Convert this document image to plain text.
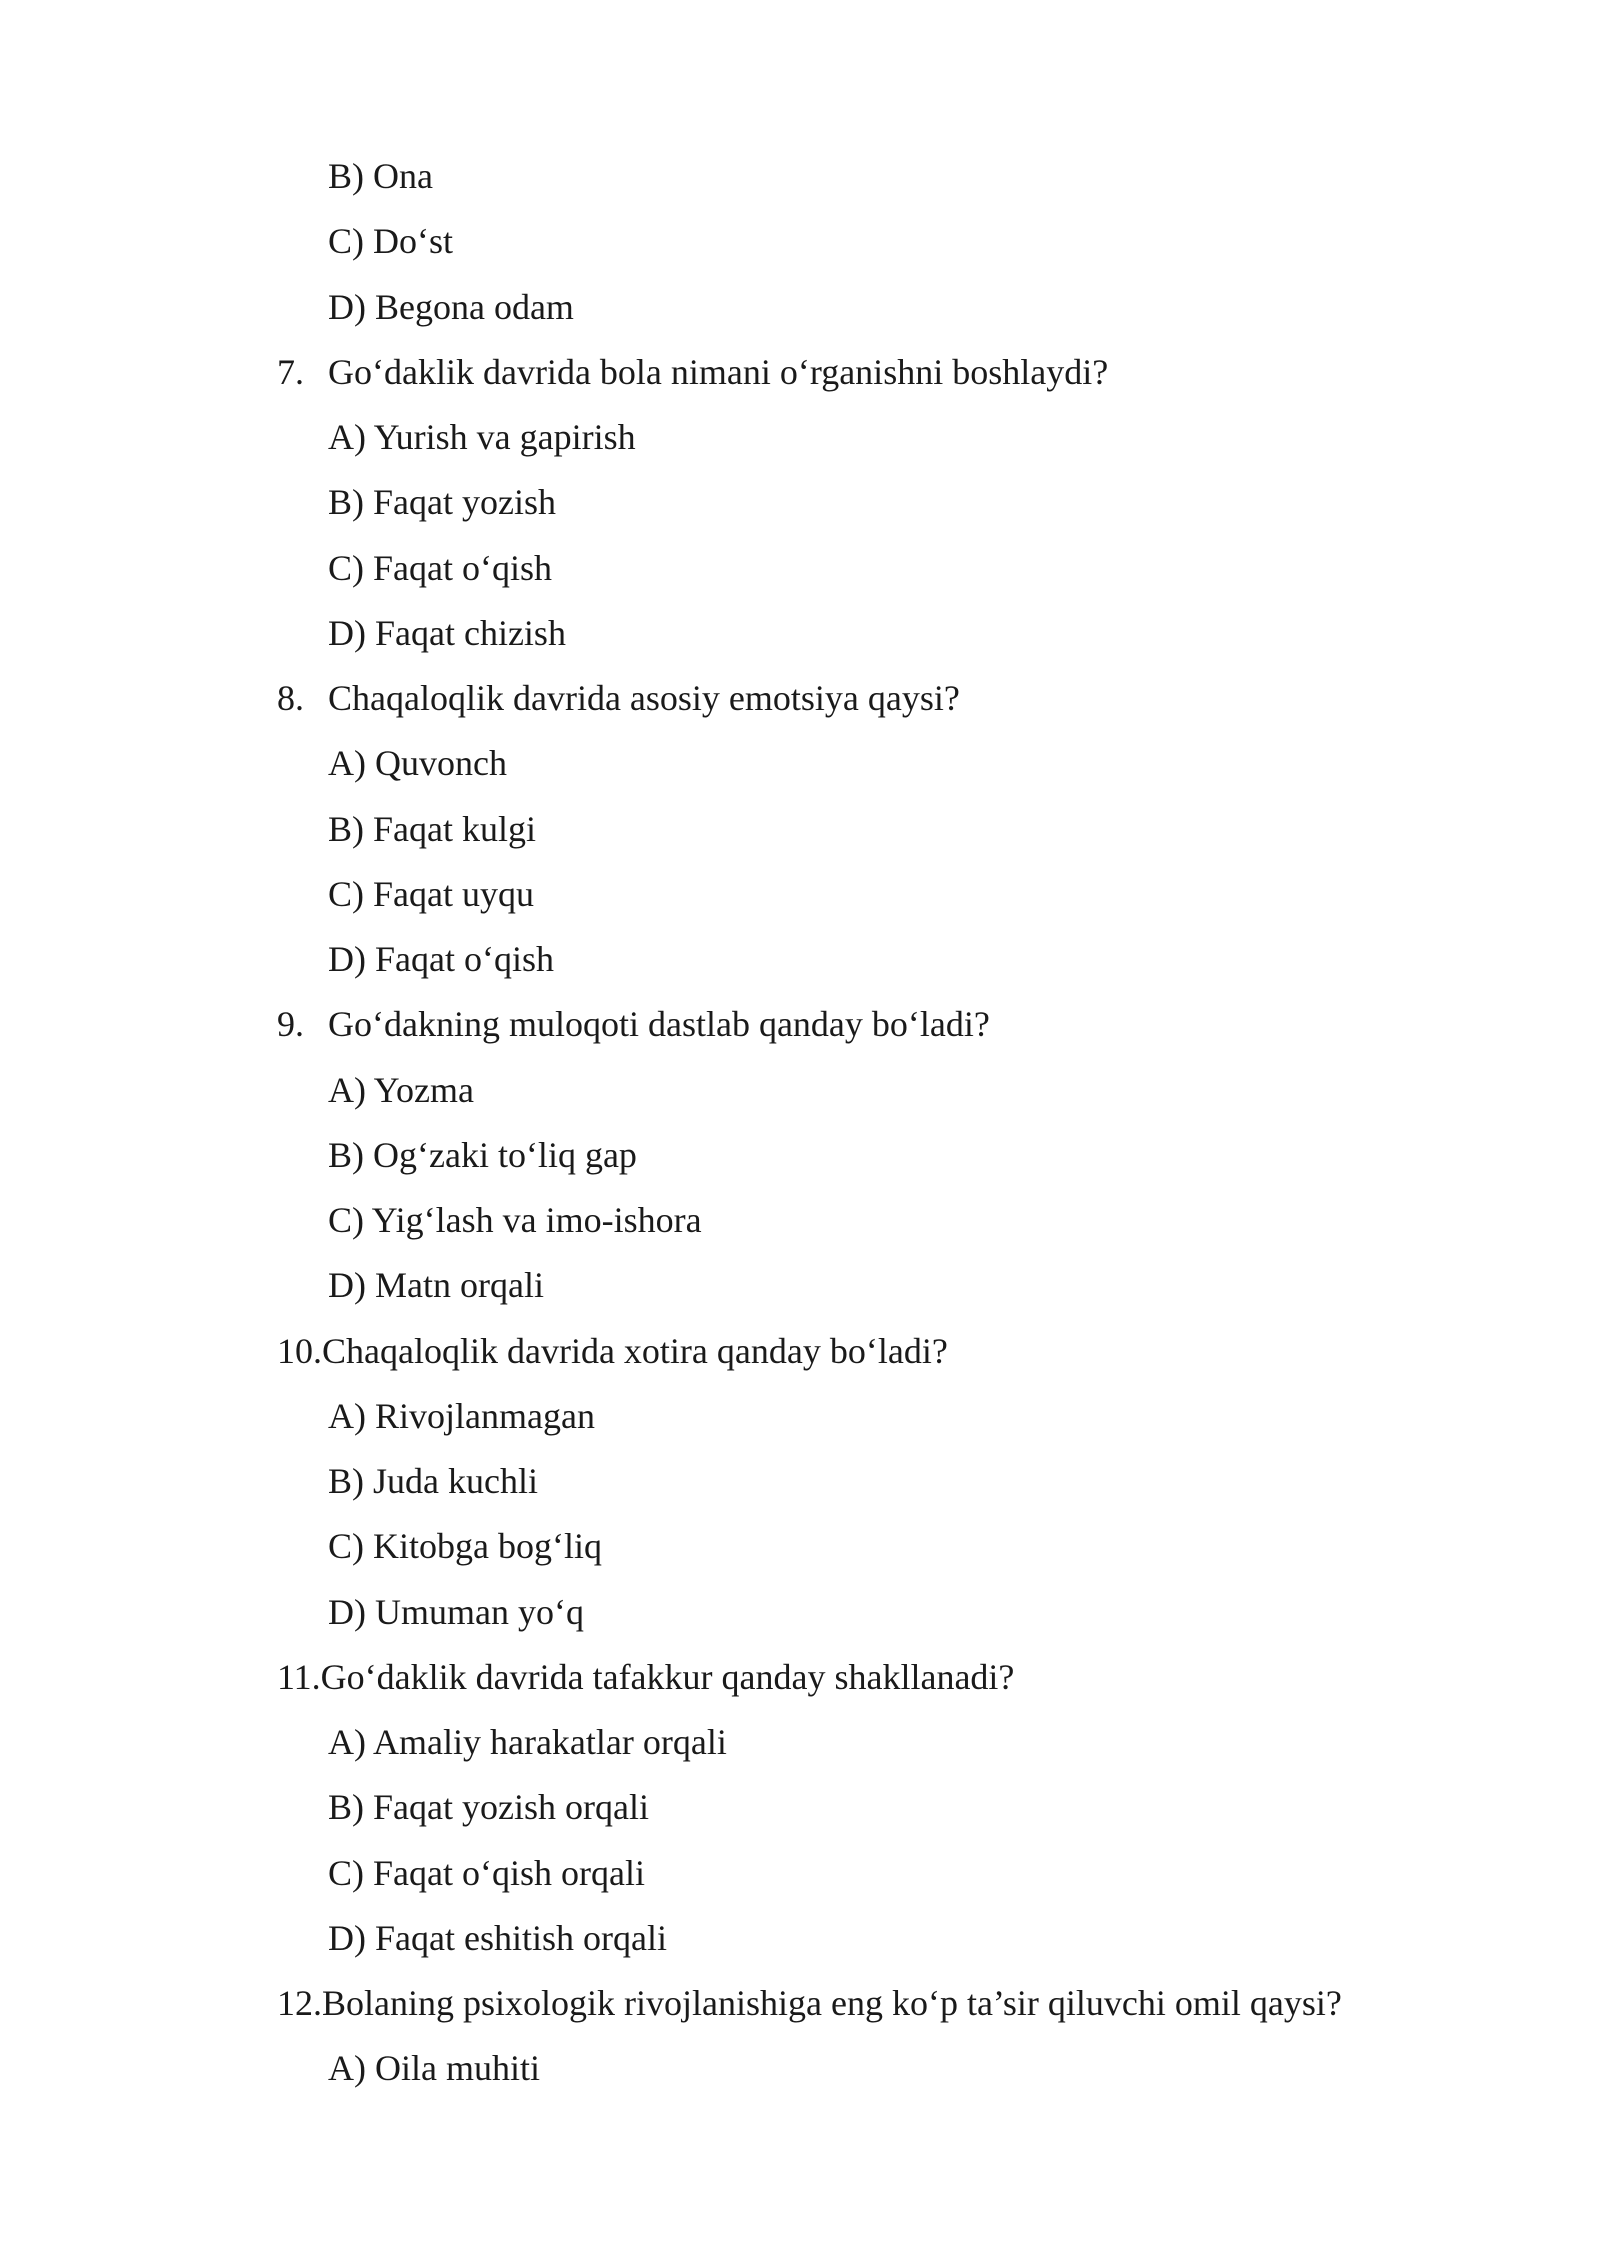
B) Ona
C) Do‘st
D) Begona odam
7. Go‘daklik davrida bola nimani o‘rganishni boshlaydi?
A) Yurish va gapirish
B) Faqat yozish
C) Faqat o‘qish
D) Faqat chizish
8. Chaqaloqlik davrida asosiy emotsiya qaysi?
A) Quvonch
B) Faqat kulgi
C) Faqat uyqu
D) Faqat o‘qish
9. Go‘dakning muloqoti dastlab qanday bo‘ladi?
A) Yozma
B) Og‘zaki to‘liq gap
C) Yig‘lash va imo-ishora
D) Matn orqali
10.Chaqaloqlik davrida xotira qanday bo‘ladi?
A) Rivojlanmagan
B) Juda kuchli
C) Kitobga bog‘liq
D) Umuman yo‘q
11.Go‘daklik davrida tafakkur qanday shakllanadi?
A) Amaliy harakatlar orqali
B) Faqat yozish orqali
C) Faqat o‘qish orqali
D) Faqat eshitish orqali
12.Bolaning psixologik rivojlanishiga eng ko‘p ta’sir qiluvchi omil qaysi?
A) Oila muhiti
